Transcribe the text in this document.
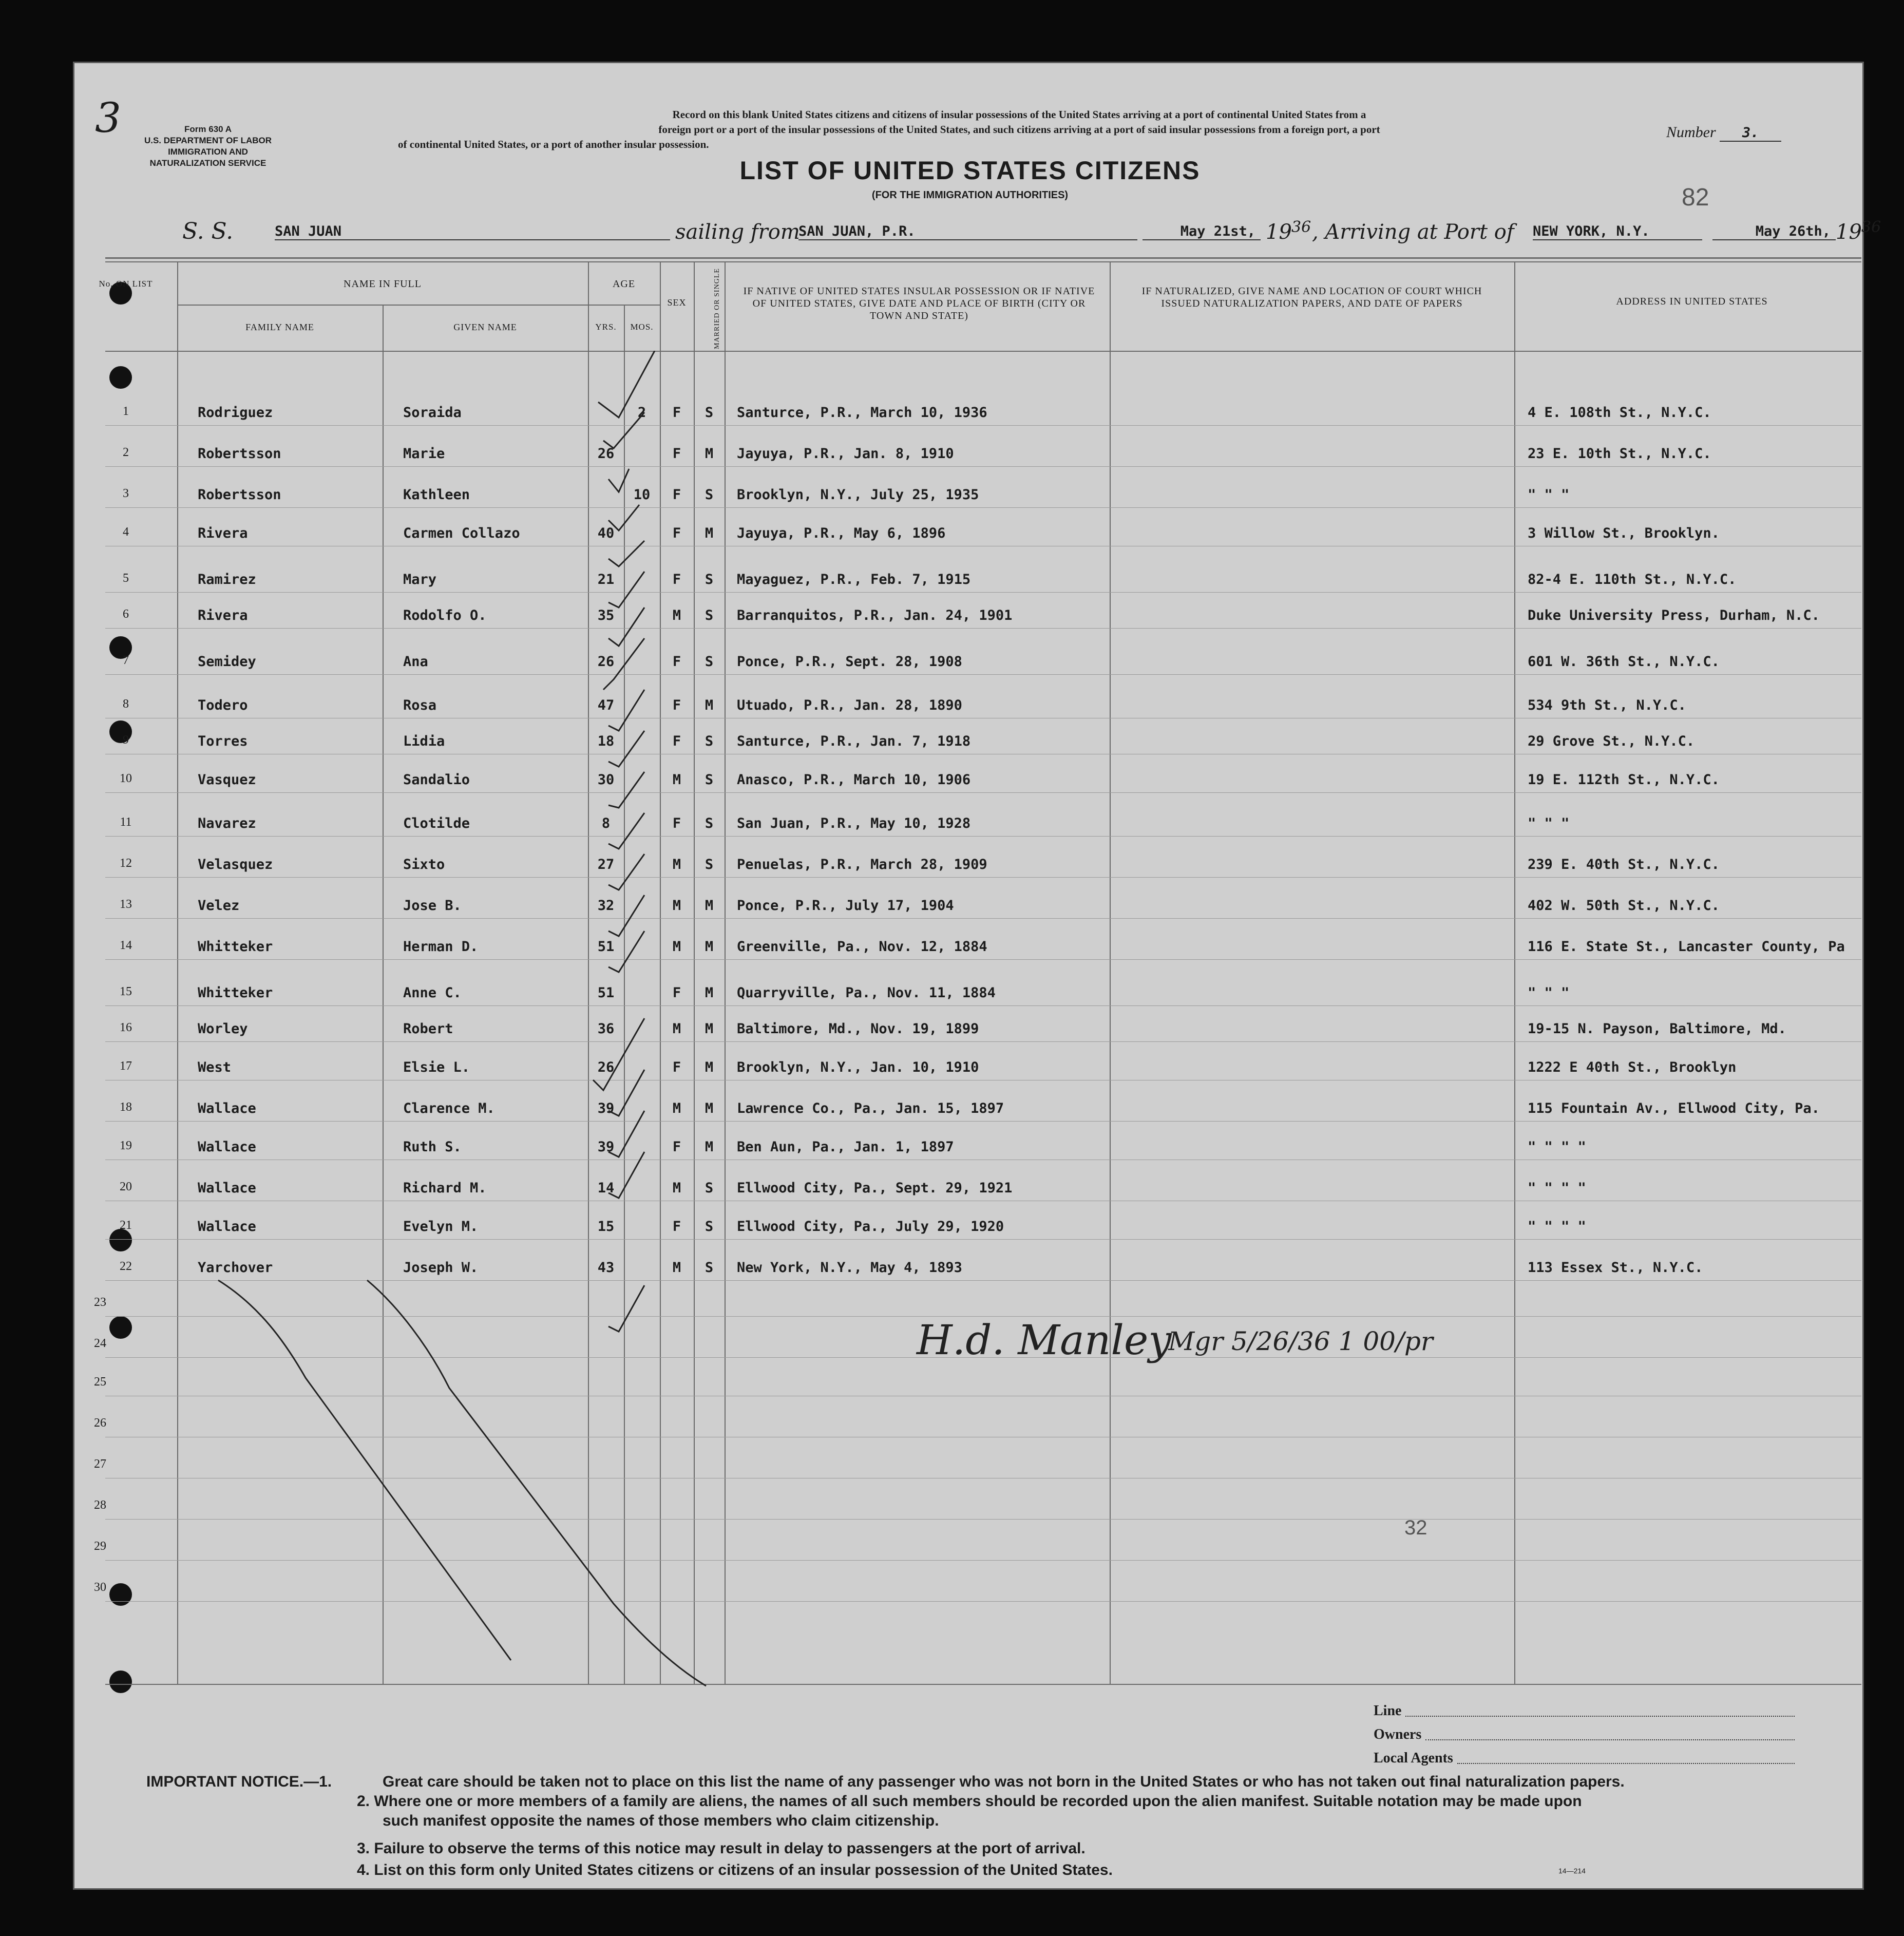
3	Form 630 A
U.S. DEPARTMENT OF LABOR
IMMIGRATION AND
NATURALIZATION SERVICE
Record on this blank United States citizens and citizens of insular possessions of the United States arriving at a port of continental United States from a
foreign port or a port of the insular possessions of the United States, and such citizens arriving at a port of said insular possessions from a foreign port, a port
of continental United States, or a port of another insular possession.
Number 3.
LIST OF UNITED STATES CITIZENS
(FOR THE IMMIGRATION AUTHORITIES)	82
S. S.	SAN JUAN	sailing from
SAN JUAN, P.R.	May 21st, 19 36 , Arriving at Port of NEW YORK, N.Y.	May 26th, 19 36
No. ON LIST	NAME IN FULL
FAMILY NAME	GIVEN NAME
AGE
YRS.	MOS.
SEX	MARRIED OR SINGLE	IF NATIVE OF UNITED STATES INSULAR POSSESSION OR IF NATIVE OF UNITED STATES, GIVE DATE AND PLACE OF BIRTH (CITY OR TOWN AND STATE)
IF NATURALIZED, GIVE NAME AND LOCATION OF COURT WHICH ISSUED NATURALIZATION PAPERS, AND DATE OF PAPERS	ADDRESS IN UNITED STATES
1	Rodriguez	Soraida	2	F	S	Santurce, P.R., March 10, 1936	4 E. 108th St., N.Y.C.
2	Robertsson	Marie	26	F	M	Jayuya, P.R., Jan. 8, 1910	23 E. 10th St., N.Y.C.
3	Robertsson	Kathleen	10	F	S	Brooklyn, N.Y., July 25, 1935	" " "
4	Rivera	Carmen Collazo	40	F	M	Jayuya, P.R., May 6, 1896	3 Willow St., Brooklyn.
5	Ramirez	Mary	21	F	S	Mayaguez, P.R., Feb. 7, 1915	82-4 E. 110th St., N.Y.C.
6	Rivera	Rodolfo O.	35	M	S	Barranquitos, P.R., Jan. 24, 1901	Duke University Press, Durham, N.C.
7	Semidey	Ana	26	F	S	Ponce, P.R., Sept. 28, 1908	601 W. 36th St., N.Y.C.
8	Todero	Rosa	47	F	M	Utuado, P.R., Jan. 28, 1890	534 9th St., N.Y.C.
9	Torres	Lidia	18	F	S	Santurce, P.R., Jan. 7, 1918	29 Grove St., N.Y.C.
10	Vasquez	Sandalio	30	M	S	Anasco, P.R., March 10, 1906	19 E. 112th St., N.Y.C.
11	Navarez	Clotilde	8	F	S	San Juan, P.R., May 10, 1928	" " "
12	Velasquez	Sixto	27	M	S	Penuelas, P.R., March 28, 1909	239 E. 40th St., N.Y.C.
13	Velez	Jose B.	32	M	M	Ponce, P.R., July 17, 1904	402 W. 50th St., N.Y.C.
14	Whitteker	Herman D.	51	M	M	Greenville, Pa., Nov. 12, 1884	116 E. State St., Lancaster County, Pa
15	Whitteker	Anne C.	51	F	M	Quarryville, Pa., Nov. 11, 1884	" " "
16	Worley	Robert	36	M	M	Baltimore, Md., Nov. 19, 1899	19-15 N. Payson, Baltimore, Md.
17	West	Elsie L.	26	F	M	Brooklyn, N.Y., Jan. 10, 1910	1222 E 40th St., Brooklyn
18	Wallace	Clarence M.	39	M	M	Lawrence Co., Pa., Jan. 15, 1897	115 Fountain Av., Ellwood City, Pa.
19	Wallace	Ruth S.	39	F	M	Ben Aun, Pa., Jan. 1, 1897	" " " "
20	Wallace	Richard M.	14	M	S	Ellwood City, Pa., Sept. 29, 1921	" " " "
21	Wallace	Evelyn M.	15	F	S	Ellwood City, Pa., July 29, 1920	" " " "
22	Yarchover	Joseph W.	43	M	S	New York, N.Y., May 4, 1893	113 Essex St., N.Y.C.
23
24
25
26
27
28
29
30
H.d. Manley
Mgr 5/26/36 1 00/pr
32
Line
Owners
Local Agents
IMPORTANT NOTICE.—1.	Great care should be taken not to place on this list the name of any passenger who was not born in the United States or who has not taken out final naturalization papers.
2. Where one or more members of a family are aliens, the names of all such members should be recorded upon the alien manifest. Suitable notation may be made upon
such manifest opposite the names of those members who claim citizenship.
3. Failure to observe the terms of this notice may result in delay to passengers at the port of arrival.
4. List on this form only United States citizens or citizens of an insular possession of the United States.	14—214
